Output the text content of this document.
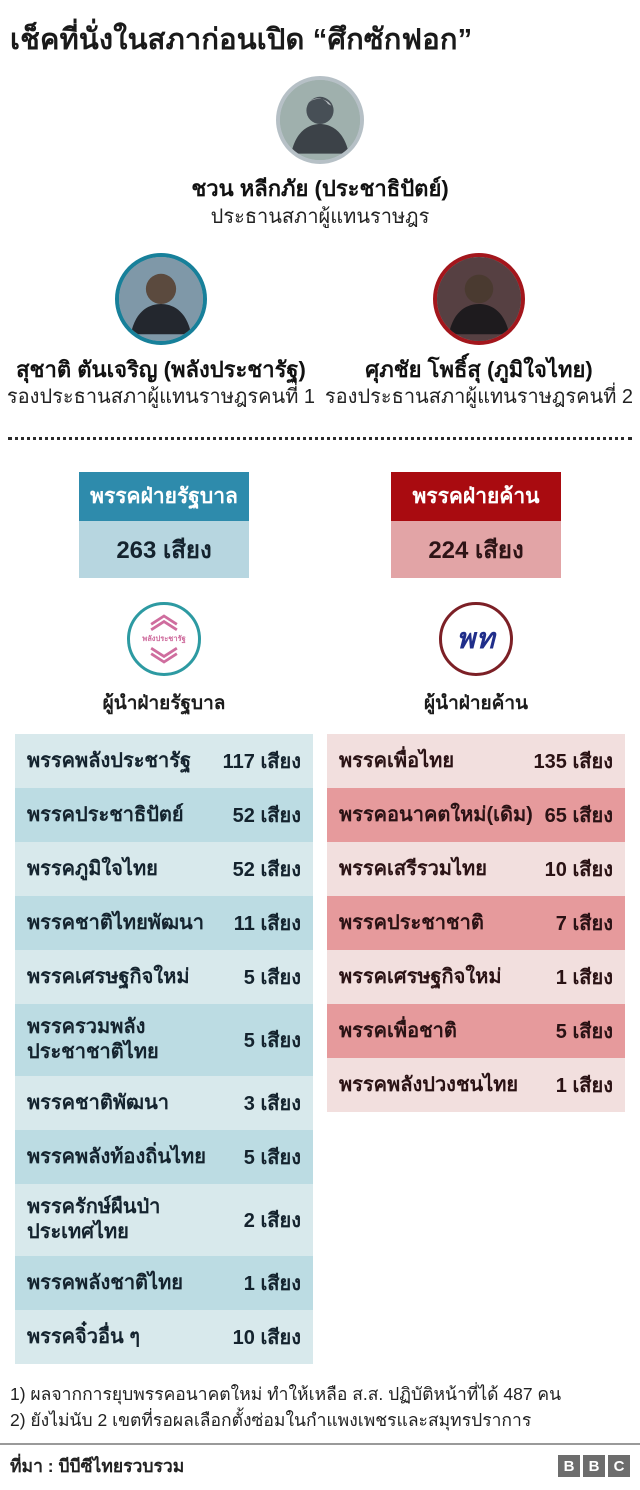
เช็คที่นั่งในสภาก่อนเปิด “ศึกซักฟอก”
ชวน หลีกภัย (ประชาธิปัตย์)
ประธานสภาผู้แทนราษฎร
สุชาติ ตันเจริญ (พลังประชารัฐ)
รองประธานสภาผู้แทนราษฎรคนที่ 1
ศุภชัย โพธิ์สุ (ภูมิใจไทย)
รองประธานสภาผู้แทนราษฎรคนที่ 2
พรรคฝ่ายรัฐบาล
263 เสียง
พลังประชารัฐ
ผู้นำฝ่ายรัฐบาล
พรรคพลังประชารัฐ	117 เสียง
พรรคประชาธิปัตย์	52 เสียง
พรรคภูมิใจไทย	52 เสียง
พรรคชาติไทยพัฒนา	11 เสียง
พรรคเศรษฐกิจใหม่	5 เสียง
พรรครวมพลังประชาชาติไทย	5 เสียง
พรรคชาติพัฒนา	3 เสียง
พรรคพลังท้องถิ่นไทย	5 เสียง
พรรครักษ์ผืนป่าประเทศไทย	2 เสียง
พรรคพลังชาติไทย	1 เสียง
พรรคจิ๋วอื่น ๆ	10 เสียง
พรรคฝ่ายค้าน
224 เสียง
พท
ผู้นำฝ่ายค้าน
พรรคเพื่อไทย	135 เสียง
พรรคอนาคตใหม่(เดิม) 65 เสียง
พรรคเสรีรวมไทย	10 เสียง
พรรคประชาชาติ	7 เสียง
พรรคเศรษฐกิจใหม่	1 เสียง
พรรคเพื่อชาติ	5 เสียง
พรรคพลังปวงชนไทย	1 เสียง
1) ผลจากการยุบพรรคอนาคตใหม่ ทำให้เหลือ ส.ส. ปฏิบัติหน้าที่ได้ 487 คน
2) ยังไม่นับ 2 เขตที่รอผลเลือกตั้งซ่อมในกำแพงเพชรและสมุทรปราการ
ที่มา : บีบีซีไทยรวบรวม	B B C
